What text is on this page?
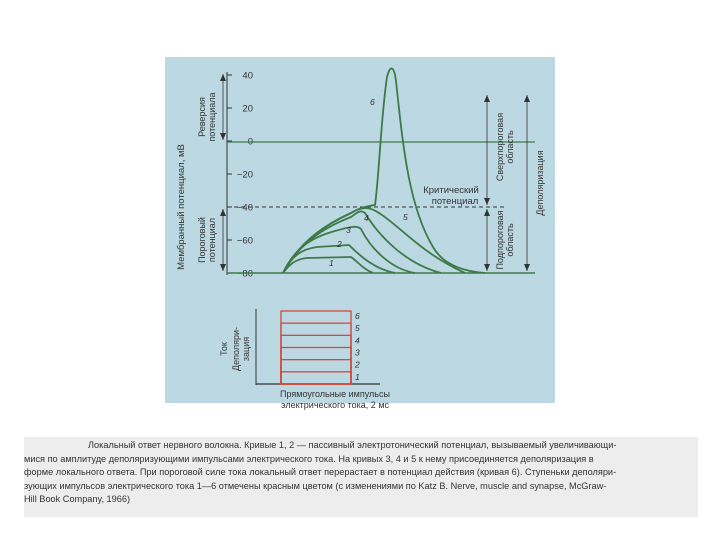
40
20
0
−20
−40
−60
−80
Мембранный потенциал, мВ
Реверсия потенциала
Пороговый потенциал
Сверхпороговая область
Подпороговая область
Деполяризация
Критический
потенциал
1
2
3
4	5
6
6
5
4
3
2
1
Ток Деполяри- зация
Прямоугольные импульсы
электрического тока, 2 мс
Локальный ответ нервного волокна. Кривые 1, 2 — пассивный электротонический потенциал, вызываемый увеличивающи-
мися по амплитуде деполяризующими импульсами электрического тока. На кривых 3, 4 и 5 к нему присоединяется деполяризация в
форме локального ответа. При пороговой силе тока локальный ответ перерастает в потенциал действия (кривая 6). Ступеньки деполяри-
зующих импульсов электрического тока 1—6 отмечены красным цветом (с изменениями по Katz B. Nerve, muscle and synapse, McGraw-
Hill Book Company, 1966)
